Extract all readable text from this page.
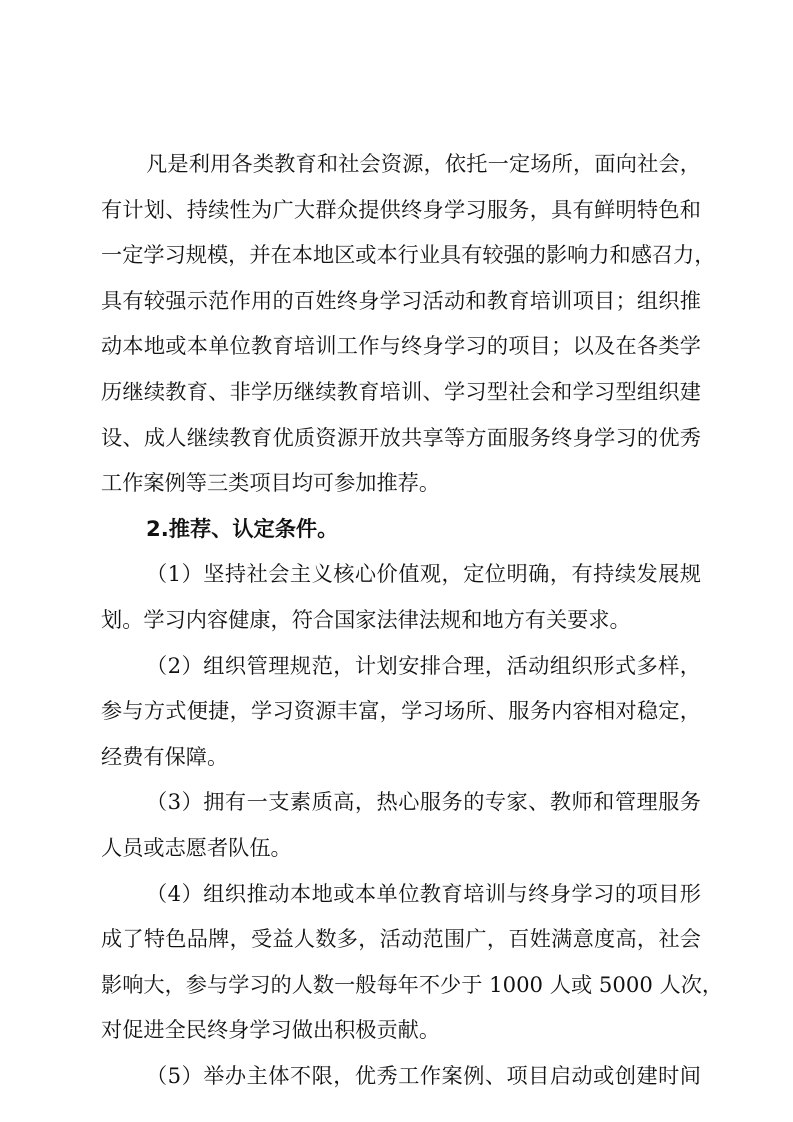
凡是利用各类教育和社会资源，依托一定场所，面向社会，
有计划、持续性为广大群众提供终身学习服务，具有鲜明特色和
一定学习规模，并在本地区或本行业具有较强的影响力和感召力，
具有较强示范作用的百姓终身学习活动和教育培训项目；组织推
动本地或本单位教育培训工作与终身学习的项目；以及在各类学
历继续教育、非学历继续教育培训、学习型社会和学习型组织建
设、成人继续教育优质资源开放共享等方面服务终身学习的优秀
工作案例等三类项目均可参加推荐。
2.推荐、认定条件。
（1）坚持社会主义核心价值观，定位明确，有持续发展规
划。学习内容健康，符合国家法律法规和地方有关要求。
（2）组织管理规范，计划安排合理，活动组织形式多样，
参与方式便捷，学习资源丰富，学习场所、服务内容相对稳定，
经费有保障。
（3）拥有一支素质高，热心服务的专家、教师和管理服务
人员或志愿者队伍。
（4）组织推动本地或本单位教育培训与终身学习的项目形
成了特色品牌，受益人数多，活动范围广，百姓满意度高，社会
影响大，参与学习的人数一般每年不少于 1000 人或 5000 人次，
对促进全民终身学习做出积极贡献。
（5）举办主体不限，优秀工作案例、项目启动或创建时间
